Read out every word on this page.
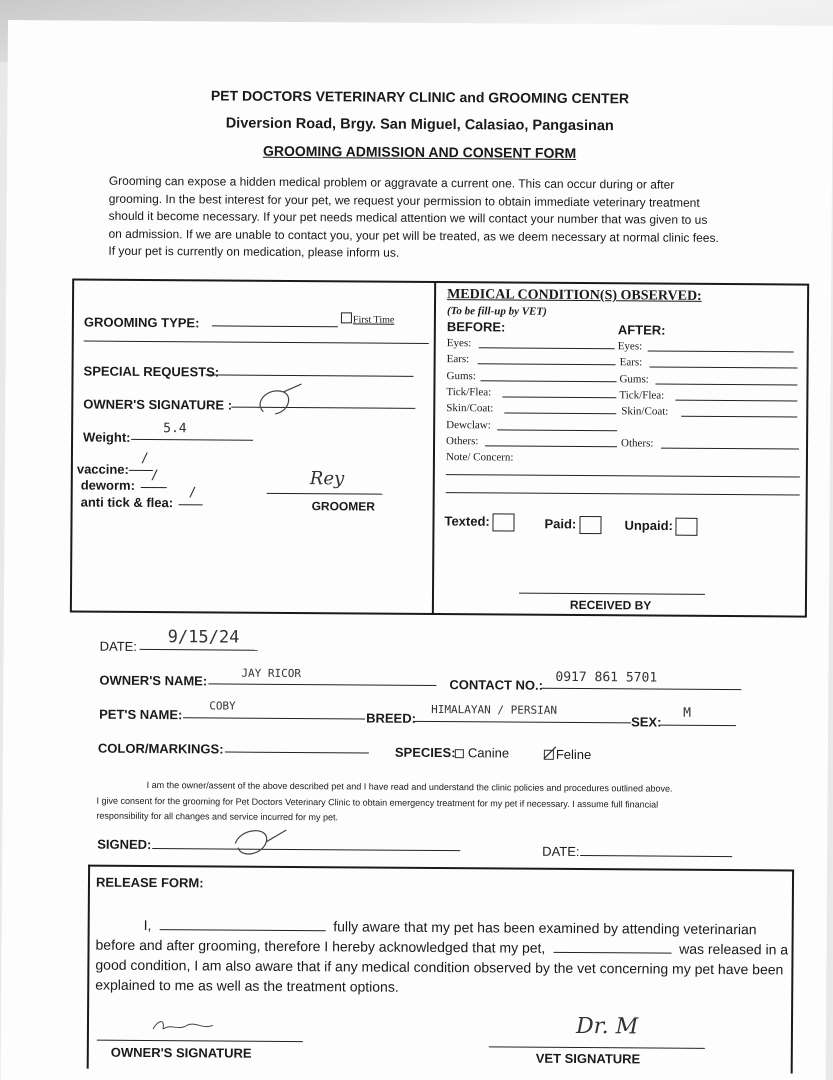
PET DOCTORS VETERINARY CLINIC and GROOMING CENTER
Diversion Road, Brgy. San Miguel, Calasiao, Pangasinan
GROOMING ADMISSION AND CONSENT FORM
Grooming can expose a hidden medical problem or aggravate a current one. This can occur during or after
grooming. In the best interest for your pet, we request your permission to obtain immediate veterinary treatment
should it become necessary. If your pet needs medical attention we will contact your number that was given to us
on admission. If we are unable to contact you, your pet will be treated, as we deem necessary at normal clinic fees.
If your pet is currently on medication, please inform us.
GROOMING TYPE:	First Time
SPECIAL REQUESTS:
OWNER'S SIGNATURE :
Weight:
5.4
vaccine:
/
deworm:
/
anti tick & flea:
/
Rey
GROOMER
MEDICAL CONDITION(S) OBSERVED:
(To be fill-up by VET)
BEFORE:	AFTER:
Eyes:
Ears:
Gums:
Tick/Flea:
Skin/Coat:
Dewclaw:
Others:
Eyes:
Ears:
Gums:
Tick/Flea:
Skin/Coat:
Others:
Note/ Concern:
Texted:	Paid:	Unpaid:
RECEIVED BY
DATE: 9/15/24
OWNER'S NAME:	JAY RICOR
CONTACT NO.: 0917 861 5701
PET'S NAME:
COBY
BREED:
HIMALAYAN / PERSIAN
SEX:
M
COLOR/MARKINGS:	SPECIES: Canine	Feline
I am the owner/assent of the above described pet and I have read and understand the clinic policies and procedures outlined above.
I give consent for the grooming for Pet Doctors Veterinary Clinic to obtain emergency treatment for my pet if necessary. I assume full financial
responsibility for all changes and service incurred for my pet.
SIGNED:	DATE:
RELEASE FORM:
I,	fully aware that my pet has been examined by attending veterinarian
before and after grooming, therefore I hereby acknowledged that my pet,	was released in a
good condition, I am also aware that if any medical condition observed by the vet concerning my pet have been
explained to me as well as the treatment options.
OWNER'S SIGNATURE
Dr. M
VET SIGNATURE
